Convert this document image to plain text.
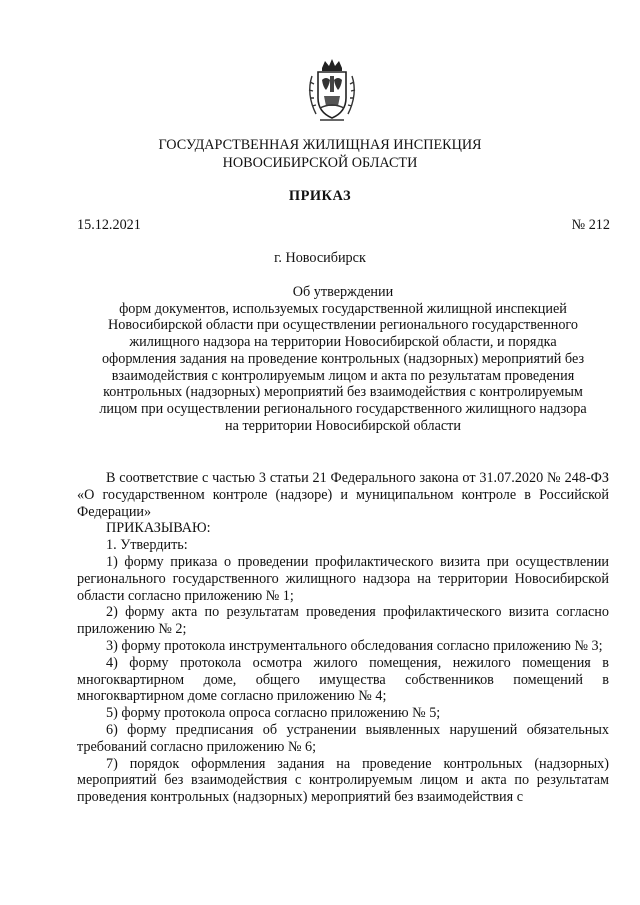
ГОСУДАРСТВЕННАЯ ЖИЛИЩНАЯ ИНСПЕКЦИЯ
НОВОСИБИРСКОЙ ОБЛАСТИ
ПРИКАЗ
15.12.2021	№ 212
г. Новосибирск
Об утверждении
форм документов, используемых государственной жилищной инспекцией
Новосибирской области при осуществлении регионального государственного
жилищного надзора на территории Новосибирской области, и порядка
оформления задания на проведение контрольных (надзорных) мероприятий без
взаимодействия с контролируемым лицом и акта по результатам проведения
контрольных (надзорных) мероприятий без взаимодействия с контролируемым
лицом при осуществлении регионального государственного жилищного надзора
на территории Новосибирской области

В соответствие с частью 3 статьи 21 Федерального закона от 31.07.2020 № 248-ФЗ «О государственном контроле (надзоре) и муниципальном контроле в Российской Федерации»

ПРИКАЗЫВАЮ:

1. Утвердить:

1) форму приказа о проведении профилактического визита при осуществлении регионального государственного жилищного надзора на территории Новосибирской области согласно приложению № 1;

2) форму акта по результатам проведения профилактического визита согласно приложению № 2;

3) форму протокола инструментального обследования согласно приложению № 3;

4) форму протокола осмотра жилого помещения, нежилого помещения в многоквартирном доме, общего имущества собственников помещений в многоквартирном доме согласно приложению № 4;

5) форму протокола опроса согласно приложению № 5;

6) форму предписания об устранении выявленных нарушений обязательных требований согласно приложению № 6;

7) порядок оформления задания на проведение контрольных (надзорных) мероприятий без взаимодействия с контролируемым лицом и акта по результатам проведения контрольных (надзорных) мероприятий без взаимодействия с
